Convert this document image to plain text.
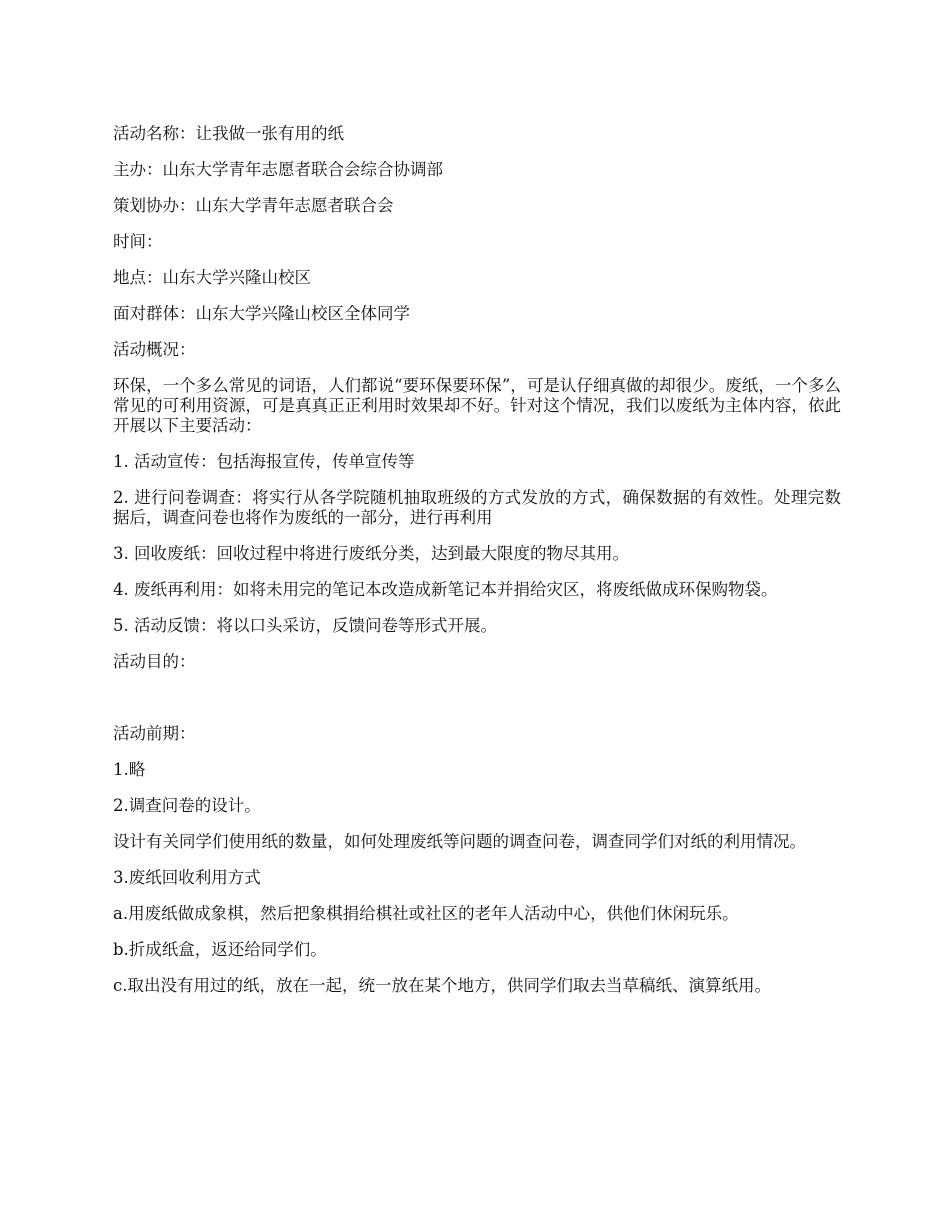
活动名称：让我做一张有用的纸

主办：山东大学青年志愿者联合会综合协调部

策划协办：山东大学青年志愿者联合会

时间：

地点：山东大学兴隆山校区

面对群体：山东大学兴隆山校区全体同学

活动概况：

环保，一个多么常见的词语，人们都说“要环保要环保”，可是认仔细真做的却很少。废纸，一个多么常见的可利用资源，可是真真正正利用时效果却不好。针对这个情况，我们以废纸为主体内容，依此开展以下主要活动：

1. 活动宣传：包括海报宣传，传单宣传等

2. 进行问卷调查：将实行从各学院随机抽取班级的方式发放的方式，确保数据的有效性。处理完数据后，调查问卷也将作为废纸的一部分，进行再利用

3. 回收废纸：回收过程中将进行废纸分类，达到最大限度的物尽其用。

4. 废纸再利用：如将未用完的笔记本改造成新笔记本并捐给灾区，将废纸做成环保购物袋。

5. 活动反馈：将以口头采访，反馈问卷等形式开展。

活动目的：

活动前期：

1.略

2.调查问卷的设计。

设计有关同学们使用纸的数量，如何处理废纸等问题的调查问卷，调查同学们对纸的利用情况。

3.废纸回收利用方式

a.用废纸做成象棋，然后把象棋捐给棋社或社区的老年人活动中心，供他们休闲玩乐。

b.折成纸盒，返还给同学们。

c.取出没有用过的纸，放在一起，统一放在某个地方，供同学们取去当草稿纸、演算纸用。
